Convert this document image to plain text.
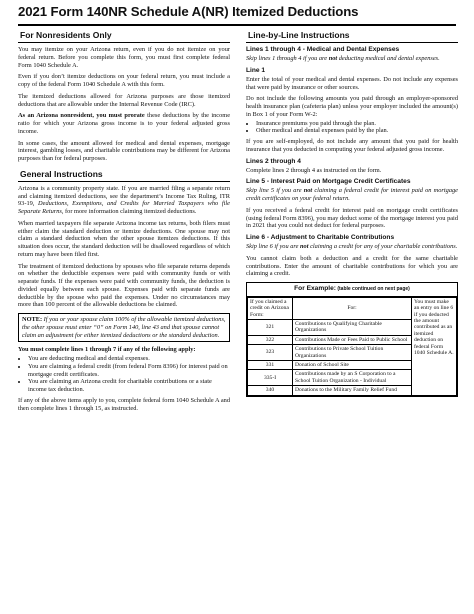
2021 Form 140NR Schedule A(NR) Itemized Deductions
For Nonresidents Only

You may itemize on your Arizona return, even if you do not itemize on your federal return. Before you complete this form, you must first complete federal Form 1040 Schedule A.

Even if you don’t itemize deductions on your federal return, you must include a copy of the federal Form 1040 Schedule A with this form.

The itemized deductions allowed for Arizona purposes are those itemized deductions that are allowable under the Internal Revenue Code (IRC).

As an Arizona nonresident, you must prorate these deductions by the income ratio for which your Arizona gross income is to your federal adjusted gross income.

In some cases, the amount allowed for medical and dental expenses, mortgage interest, gambling losses, and charitable contributions may be different for Arizona purposes than for federal purposes.

General Instructions

Arizona is a community property state. If you are married filing a separate return and claiming itemized deductions, see the department’s Income Tax Ruling, ITR 93-19, Deductions, Exemptions, and Credits for Married Taxpayers who file Separate Returns, for more information claiming itemized deductions.

When married taxpayers file separate Arizona income tax returns, both filers must either claim the standard deduction or itemize deductions. One spouse may not claim a standard deduction when the other spouse itemizes deductions. If this situation does occur, the standard deduction will be disallowed regardless of which return may have been filed first.

The treatment of itemized deductions by spouses who file separate returns depends on whether the deductible expenses were paid with community funds or with separate funds. If the expenses were paid with community funds, the deduction is divided equally between each spouse. Expenses paid with separate funds are deductible by the spouse who paid the expenses. Under no circumstances may more than 100 percent of the allowable deductions be claimed.

NOTE: If you or your spouse claim 100% of the allowable itemized deductions, the other spouse must enter “0” on Form 140, line 43 and that spouse cannot claim an adjustment for either itemized deductions or the standard deduction.

You must complete lines 1 through 7 if any of the following apply:

• You are deducting medical and dental expenses.
• You are claiming a federal credit (from federal Form 8396) for interest paid on mortgage credit certificates.
• You are claiming an Arizona credit for charitable contributions or a state income tax deduction.

If any of the above items apply to you, complete federal form 1040 Schedule A and then complete lines 1 through 15, as instructed.

Line-by-Line Instructions
Lines 1 through 4 - Medical and Dental Expenses

Skip lines 1 through 4 if you are not deducting medical and dental expenses.

Line 1

Enter the total of your medical and dental expenses. Do not include any expenses that were paid by insurance or other sources.

Do not include the following amounts you paid through an employer-sponsored health insurance plan (cafeteria plan) unless your employer included the amount(s) in Box 1 of your Form W-2:

• Insurance premiums you paid through the plan.
• Other medical and dental expenses paid by the plan.

If you are self-employed, do not include any amount that you paid for health insurance that you deducted in computing your federal adjusted gross income.

Lines 2 through 4

Complete lines 2 through 4 as instructed on the form.

Line 5 - Interest Paid on Mortgage Credit Certificates

Skip line 5 if you are not claiming a federal credit for interest paid on mortgage credit certificates on your federal return.

If you received a federal credit for interest paid on mortgage credit certificates (using federal Form 8396), you may deduct some of the mortgage interest you paid in 2021 that you could not deduct for federal purposes.

Line 6 - Adjustment to Charitable Contributions

Skip line 6 if you are not claiming a credit for any of your charitable contributions.

You cannot claim both a deduction and a credit for the same charitable contributions. Enter the amount of charitable contributions for which you are claiming a credit.

For Example: (table continued on next page)
If you claimed a credit on Arizona Form:	For:	You must make an entry on line 6 if you deducted the amount contributed as an itemized deduction on federal Form 1040 Schedule A.
321	Contributions to Qualifying Charitable Organizations	
322	Contributions Made or Fees Paid to Public School	
323	Contributions to Private School Tuition Organizations	
331	Donation of School Site	
335-I	Contributions made by an S Corporation to a School Tuition Organization - Individual	
340	Donations to the Military Family Relief Fund	
